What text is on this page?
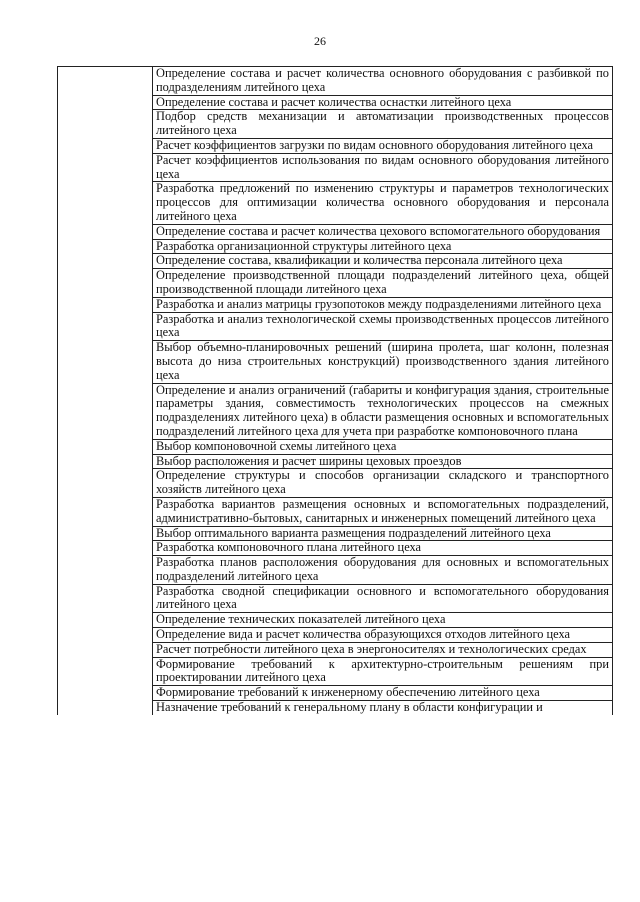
26
	Определение состава и расчет количества основного оборудования с разбивкой по подразделениям литейного цеха
Определение состава и расчет количества оснастки литейного цеха
Подбор средств механизации и автоматизации производственных процессов литейного цеха
Расчет коэффициентов загрузки по видам основного оборудования литейного цеха
Расчет коэффициентов использования по видам основного оборудования литейного цеха
Разработка предложений по изменению структуры и параметров технологических процессов для оптимизации количества основного оборудования и персонала литейного цеха
Определение состава и расчет количества цехового вспомогательного оборудования
Разработка организационной структуры литейного цеха
Определение состава, квалификации и количества персонала литейного цеха
Определение производственной площади подразделений литейного цеха, общей производственной площади литейного цеха
Разработка и анализ матрицы грузопотоков между подразделениями литейного цеха
Разработка и анализ технологической схемы производственных процессов литейного цеха
Выбор объемно-планировочных решений (ширина пролета, шаг колонн, полезная высота до низа строительных конструкций) производственного здания литейного цеха
Определение и анализ ограничений (габариты и конфигурация здания, строительные параметры здания, совместимость технологических процессов на смежных подразделениях литейного цеха) в области размещения основных и вспомогательных подразделений литейного цеха для учета при разработке компоновочного плана
Выбор компоновочной схемы литейного цеха
Выбор расположения и расчет ширины цеховых проездов
Определение структуры и способов организации складского и транспортного хозяйств литейного цеха
Разработка вариантов размещения основных и вспомогательных подразделений, административно-бытовых, санитарных и инженерных помещений литейного цеха
Выбор оптимального варианта размещения подразделений литейного цеха
Разработка компоновочного плана литейного цеха
Разработка планов расположения оборудования для основных и вспомогательных подразделений литейного цеха
Разработка сводной спецификации основного и вспомогательного оборудования литейного цеха
Определение технических показателей литейного цеха
Определение вида и расчет количества образующихся отходов литейного цеха
Расчет потребности литейного цеха в энергоносителях и технологических средах
Формирование требований к архитектурно-строительным решениям при проектировании литейного цеха
Формирование требований к инженерному обеспечению литейного цеха
Назначение требований к генеральному плану в области конфигурации и
